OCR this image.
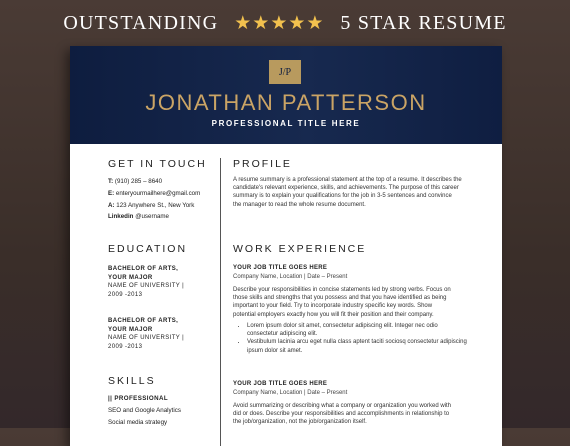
OUTSTANDING ★★★★★ 5 STAR RESUME
J/P
JONATHAN PATTERSON
PROFESSIONAL TITLE HERE
GET IN TOUCH
T: (910) 285 – 8640
E: enteryourmailhere@gmail.com
A: 123 Anywhere St., New York
Linkedin @username
EDUCATION
BACHELOR OF ARTS,
YOUR MAJOR
NAME OF UNIVERSITY |
2009 -2013
BACHELOR OF ARTS,
YOUR MAJOR
NAME OF UNIVERSITY |
2009 -2013
SKILLS
|| PROFESSIONAL
SEO and Google Analytics
Social media strategy
PROFILE
A resume summary is a professional statement at the top of a resume. It describes the
candidate's relevant experience, skills, and achievements. The purpose of this career
summary is to explain your qualifications for the job in 3-5 sentences and convince
the manager to read the whole resume document.
WORK EXPERIENCE
YOUR JOB TITLE GOES HERE
Company Name, Location | Date – Present
Describe your responsibilities in concise statements led by strong verbs. Focus on
those skills and strengths that you possess and that you have identified as being
important to your field. Try to incorporate industry specific key words. Show
potential employers exactly how you will fit their position and their company.
• Lorem ipsum dolor sit amet, consectetur adipiscing elit. Integer nec odio
consectetur adipiscing elit.
• Vestibulum lacinia arcu eget nulla class aptent taciti sociosq consectetur adipiscing
ipsum dolor sit amet.
YOUR JOB TITLE GOES HERE
Company Name, Location | Date – Present
Avoid summarizing or describing what a company or organization you worked with
did or does. Describe your responsibilities and accomplishments in relationship to
the job/organization, not the job/organization itself.
